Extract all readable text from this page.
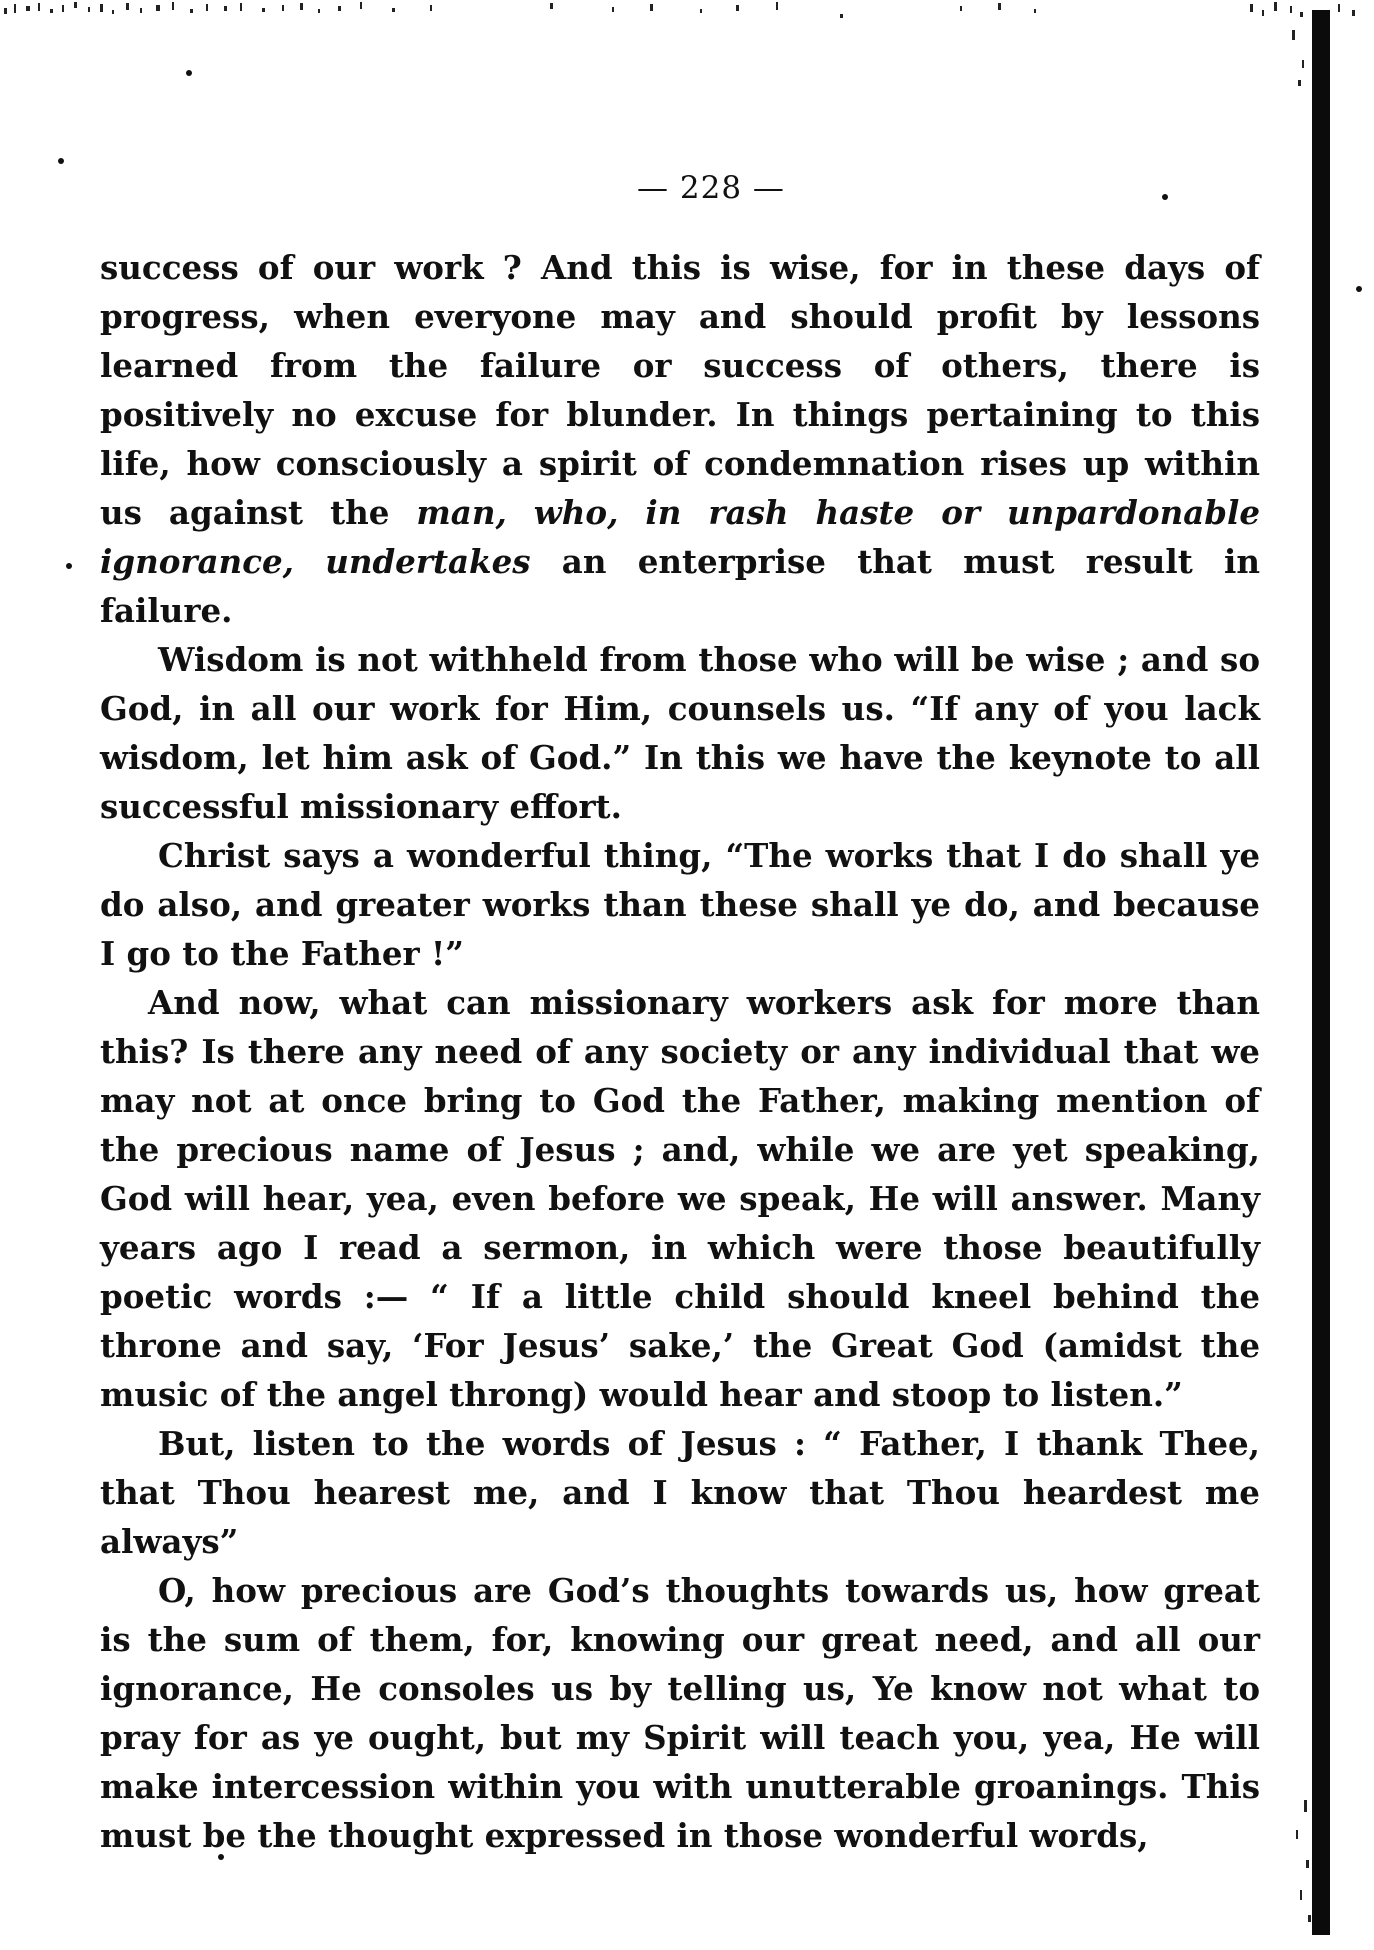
— 228 —

success of our work ? And this is wise, for in these days of progress, when everyone may and should profit by lessons learned from the failure or success of others, there is positively no excuse for blunder. In things pertaining to this life, how consciously a spirit of condemnation rises up within us against the man, who, in rash haste or unpardonable ignorance, undertakes an enterprise that must result in failure.

Wisdom is not withheld from those who will be wise ; and so God, in all our work for Him, counsels us. “If any of you lack wisdom, let him ask of God.” In this we have the keynote to all successful missionary effort.

Christ says a wonderful thing, “The works that I do shall ye do also, and greater works than these shall ye do, and because I go to the Father !”

And now, what can missionary workers ask for more than this? Is there any need of any society or any individual that we may not at once bring to God the Father, making mention of the precious name of Jesus ; and, while we are yet speaking, God will hear, yea, even before we speak, He will answer. Many years ago I read a sermon, in which were those beautifully poetic words :— “ If a little child should kneel behind the throne and say, ‘For Jesus’ sake,’ the Great God (amidst the music of the angel throng) would hear and stoop to listen.”

But, listen to the words of Jesus : “ Father, I thank Thee, that Thou hearest me, and I know that Thou heardest me always”

O, how precious are God’s thoughts towards us, how great is the sum of them, for, knowing our great need, and all our ignorance, He consoles us by telling us, Ye know not what to pray for as ye ought, but my Spirit will teach you, yea, He will make intercession within you with unutterable groanings. This must be the thought expressed in those wonderful words,
